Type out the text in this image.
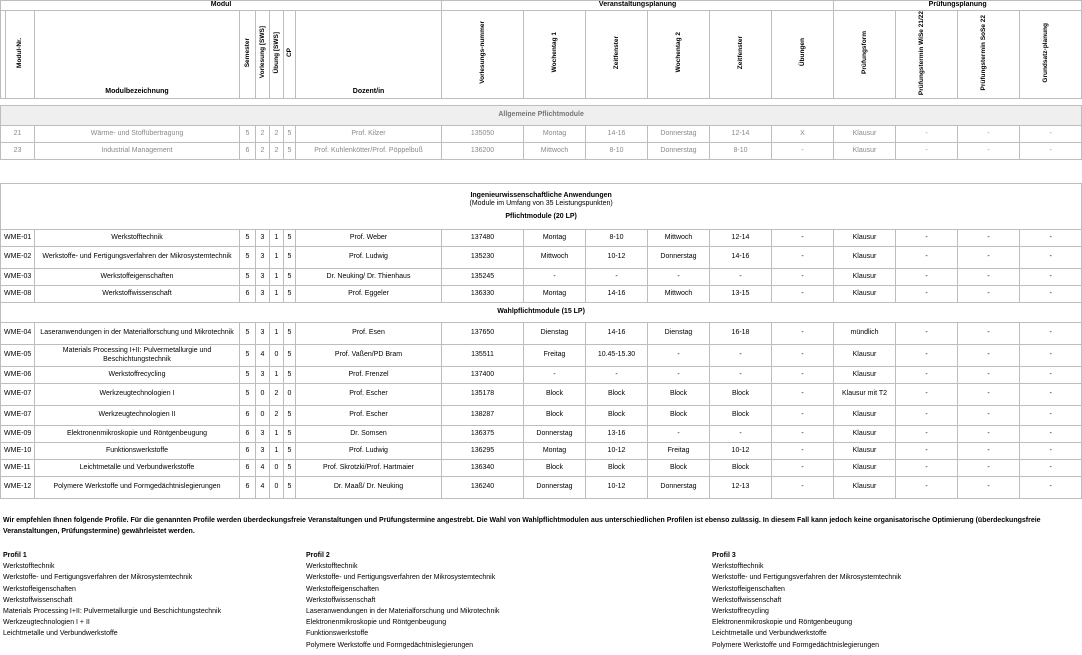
Modul								Veranstaltungsplanung						Prüfungsplanung			
	Modul-Nr.	Modulbezeichnung	Semester	Vorlesung [SWS]	Übung [SWS]	CP	Dozent/in	Vorlesungs-nummer	Wochentag 1	Zeitfenster	Wochentag 2	Zeitfenster	Übungen	Prüfungsform	Prüfungstermin WiSe 21/22	Prüfungstermin SoSe 22	Grundsatz-planung
Allgemeine Pflichtmodule																
21	Wärme- und Stoffübertragung	5	2	2	5	Prof. Kilzer	135050	Montag	14-16	Donnerstag	12-14	X	Klausur	-	-	-
23	Industrial Management	6	2	2	5	Prof. Kuhlenkötter/Prof. Pöppelbuß	136200	Mittwoch	8-10	Donnerstag	8-10	-	Klausur	-	-	-
Ingenieurwissenschaftliche Anwendungen
(Module im Umfang von 35 Leistungspunkten)
Pflichtmodule (20 LP)																

WME-01	Werkstofftechnik	5	3	1	5	Prof. Weber	137480	Montag	8-10	Mittwoch	12-14	-	Klausur	-	-	-
WME-02	Werkstoffe- und Fertigungsverfahren der Mikrosystemtechnik	5	3	1	5	Prof. Ludwig	135230	Mittwoch	10-12	Donnerstag	14-16	-	Klausur	-	-	-
WME-03	Werkstoffeigenschaften	5	3	1	5	Dr. Neuking/ Dr. Thienhaus	135245	-	-	-	-	-	Klausur	-	-	-
WME-08	Werkstoffwissenschaft	6	3	1	5	Prof. Eggeler	136330	Montag	14-16	Mittwoch	13-15	-	Klausur	-	-	-
Wahlpflichtmodule (15 LP)																
WME-04	Laseranwendungen in der Materialforschung und Mikrotechnik	5	3	1	5	Prof. Esen	137650	Dienstag	14-16	Dienstag	16-18	-	mündlich	-	-	-
WME-05	Materials Processing I+II: Pulvermetallurgie und Beschichtungstechnik	5	4	0	5	Prof. Vaßen/PD Bram	135511	Freitag	10.45-15.30	-	-	-	Klausur	-	-	-
WME-06	Werkstoffrecycling	5	3	1	5	Prof. Frenzel	137400	-	-	-	-	-	Klausur	-	-	-
WME-07	Werkzeugtechnologien I	5	0	2	0	Prof. Escher	135178	Block	Block	Block	Block	-	Klausur mit T2	-	-	-
WME-07	Werkzeugtechnologien II	6	0	2	5	Prof. Escher	138287	Block	Block	Block	Block	-	Klausur	-	-	-
WME-09	Elektronenmikroskopie und Röntgenbeugung	6	3	1	5	Dr. Somsen	136375	Donnerstag	13-16	-	-	-	Klausur	-	-	-
WME-10	Funktionswerkstoffe	6	3	1	5	Prof. Ludwig	136295	Montag	10-12	Freitag	10-12	-	Klausur	-	-	-
WME-11	Leichtmetalle und Verbundwerkstoffe	6	4	0	5	Prof. Skrotzki/Prof. Hartmaier	136340	Block	Block	Block	Block	-	Klausur	-	-	-
WME-12	Polymere Werkstoffe und Formgedächtnislegierungen	6	4	0	5	Dr. Maaß/ Dr. Neuking	136240	Donnerstag	10-12	Donnerstag	12-13	-	Klausur	-	-	-
Wir empfehlen Ihnen folgende Profile. Für die genannten Profile werden überdeckungsfreie Veranstaltungen und Prüfungstermine angestrebt. Die Wahl von Wahlpflichtmodulen aus unterschiedlichen Profilen ist ebenso zulässig. In diesem Fall kann jedoch keine organisatorische Optimierung (überdeckungsfreie Veranstaltungen, Prüfungstermine) gewährleistet werden.
Profil 1
Werkstofftechnik
Werkstoffe- und Fertigungsverfahren der Mikrosystemtechnik
Werkstoffeigenschaften
Werkstoffwissenschaft
Materials Processing I+II: Pulvermetallurgie und Beschichtungstechnik
Werkzeugtechnologien I + II
Leichtmetalle und Verbundwerkstoffe
Profil 2
Werkstofftechnik
Werkstoffe- und Fertigungsverfahren der Mikrosystemtechnik
Werkstoffeigenschaften
Werkstoffwissenschaft
Laseranwendungen in der Materialforschung und Mikrotechnik
Elektronenmikroskopie und Röntgenbeugung
Funktionswerkstoffe
Polymere Werkstoffe und Formgedächtnislegierungen
Profil 3
Werkstofftechnik
Werkstoffe- und Fertigungsverfahren der Mikrosystemtechnik
Werkstoffeigenschaften
Werkstoffwissenschaft
Werkstoffrecycling
Elektronenmikroskopie und Röntgenbeugung
Leichtmetalle und Verbundwerkstoffe
Polymere Werkstoffe und Formgedächtnislegierungen
